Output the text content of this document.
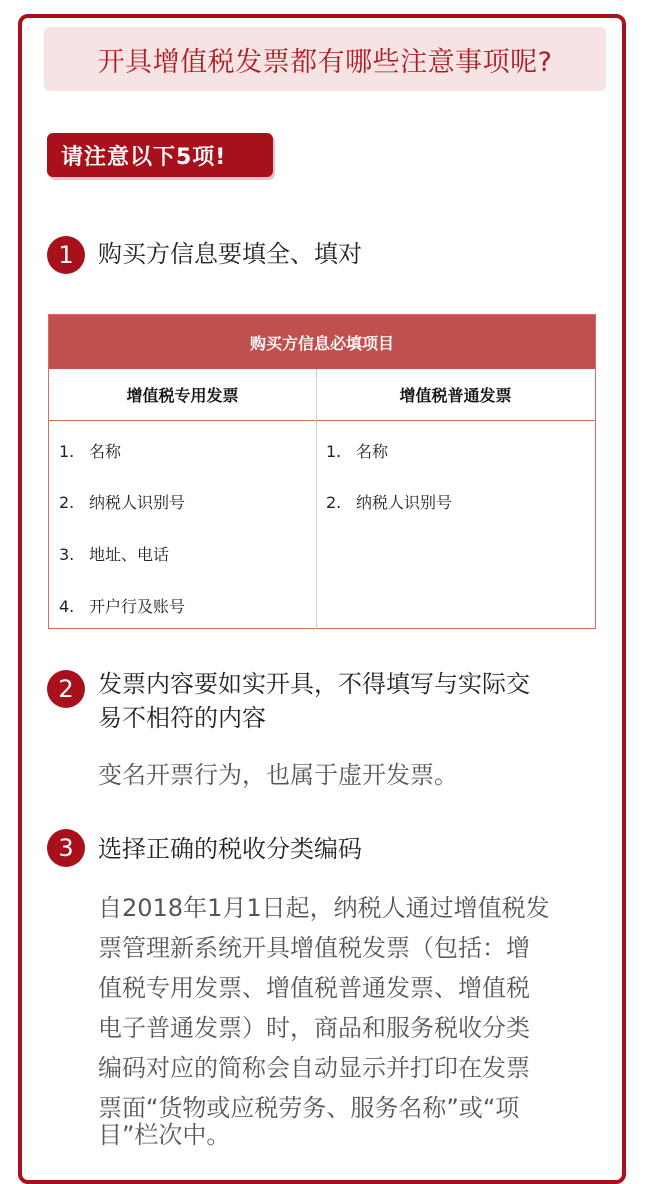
开具增值税发票都有哪些注意事项呢?
请注意以下5项!
1	购买方信息要填全、填对
购买方信息必填项目
增值税专用发票	增值税普通发票
1. 名称
2. 纳税人识别号
3. 地址、电话
4. 开户行及账号
1. 名称
2. 纳税人识别号
2	发票内容要如实开具，不得填写与实际交
易不相符的内容
变名开票行为，也属于虚开发票。
3	选择正确的税收分类编码
自2018年1月1日起，纳税人通过增值税发
票管理新系统开具增值税发票（包括：增
值税专用发票、增值税普通发票、增值税
电子普通发票）时，商品和服务税收分类
编码对应的简称会自动显示并打印在发票
票面“货物或应税劳务、服务名称”或“项
目”栏次中。
